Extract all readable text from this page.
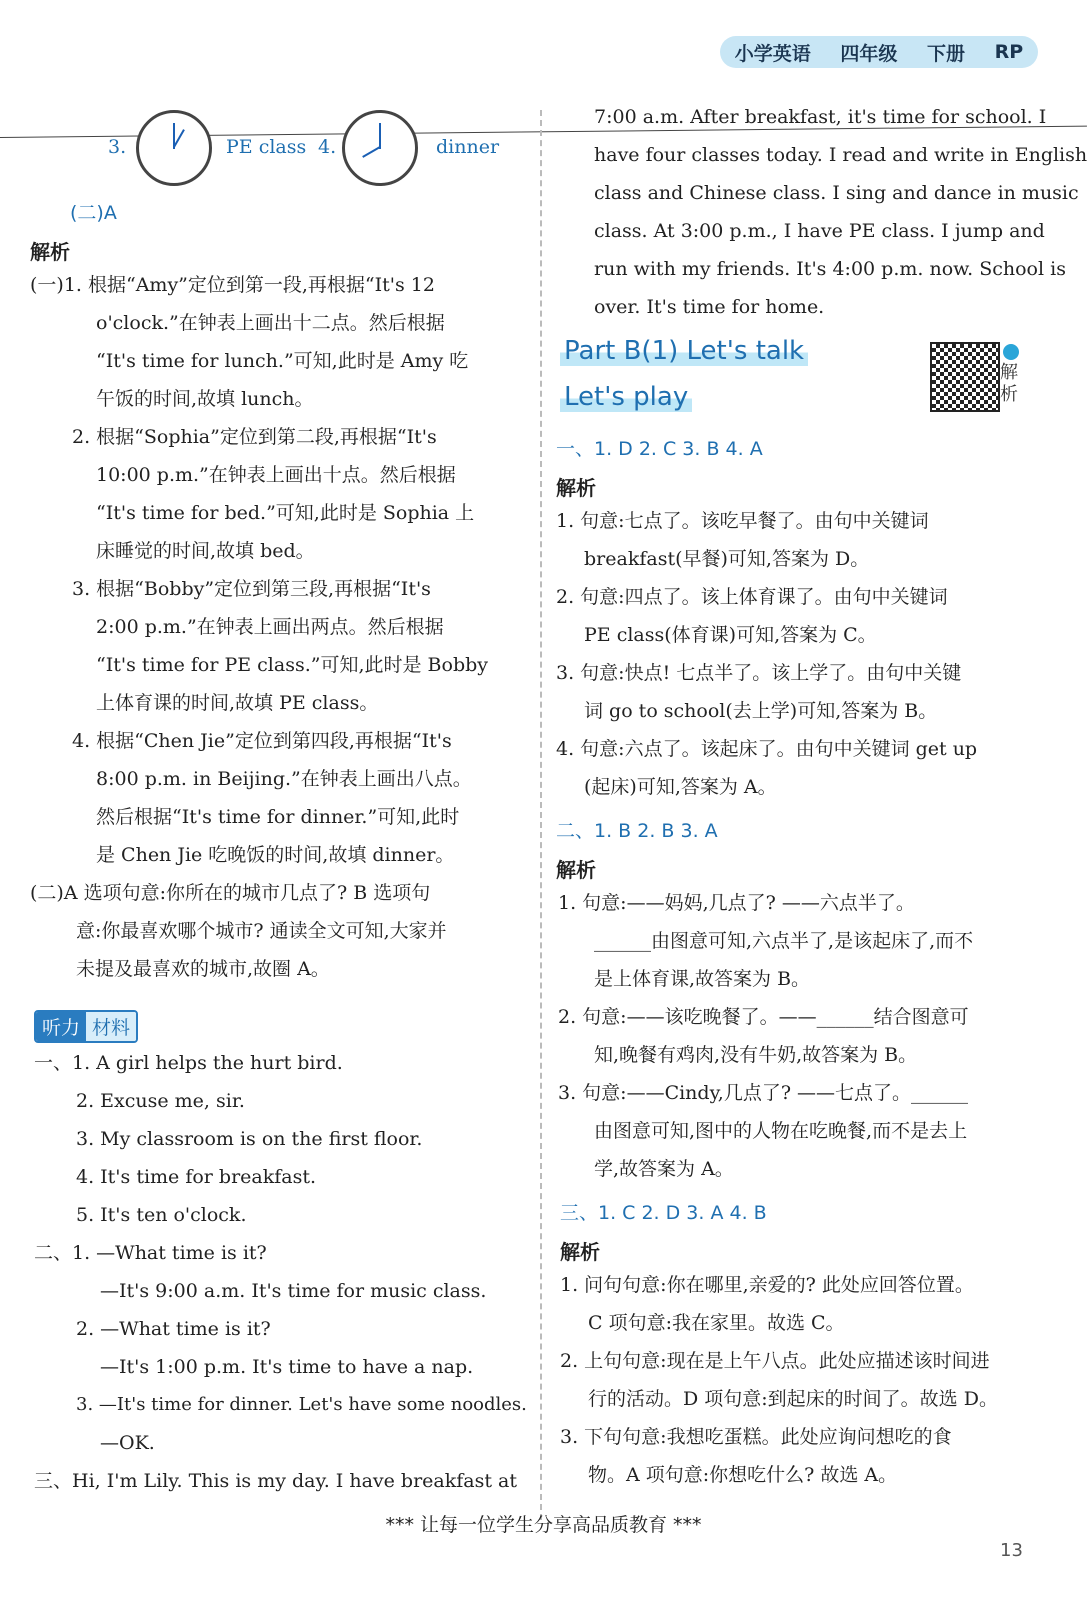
小学英语	四年级	下册	RP
3.	PE class 4.	dinner
(二)A
解析
(一)1. 根据“Amy”定位到第一段,再根据“It's 12
o'clock.”在钟表上画出十二点。然后根据
“It's time for lunch.”可知,此时是 Amy 吃
午饭的时间,故填 lunch。
2. 根据“Sophia”定位到第二段,再根据“It's
10:00 p.m.”在钟表上画出十点。然后根据
“It's time for bed.”可知,此时是 Sophia 上
床睡觉的时间,故填 bed。
3. 根据“Bobby”定位到第三段,再根据“It's
2:00 p.m.”在钟表上画出两点。然后根据
“It's time for PE class.”可知,此时是 Bobby
上体育课的时间,故填 PE class。
4. 根据“Chen Jie”定位到第四段,再根据“It's
8:00 p.m. in Beijing.”在钟表上画出八点。
然后根据“It's time for dinner.”可知,此时
是 Chen Jie 吃晚饭的时间,故填 dinner。
(二)A 选项句意:你所在的城市几点了? B 选项句
意:你最喜欢哪个城市? 通读全文可知,大家并
未提及最喜欢的城市,故圈 A。
听力 材料
一、1. A girl helps the hurt bird.
2. Excuse me, sir.
3. My classroom is on the first floor.
4. It's time for breakfast.
5. It's ten o'clock.
二、1. —What time is it?
—It's 9:00 a.m. It's time for music class.
2. —What time is it?
—It's 1:00 p.m. It's time to have a nap.
3. —It's time for dinner. Let's have some noodles.
—OK.
三、Hi, I'm Lily. This is my day. I have breakfast at
7:00 a.m. After breakfast, it's time for school. I
have four classes today. I read and write in English
class and Chinese class. I sing and dance in music
class. At 3:00 p.m., I have PE class. I jump and
run with my friends. It's 4:00 p.m. now. School is
over. It's time for home.
Part B(1) Let's talk
Let's play
解析
一、1. D 2. C 3. B 4. A
解析
1. 句意:七点了。该吃早餐了。由句中关键词
breakfast(早餐)可知,答案为 D。
2. 句意:四点了。该上体育课了。由句中关键词
PE class(体育课)可知,答案为 C。
3. 句意:快点! 七点半了。该上学了。由句中关键
词 go to school(去上学)可知,答案为 B。
4. 句意:六点了。该起床了。由句中关键词 get up
(起床)可知,答案为 A。
二、1. B 2. B 3. A
解析
1. 句意:——妈妈,几点了? ——六点半了。
______由图意可知,六点半了,是该起床了,而不
是上体育课,故答案为 B。
2. 句意:——该吃晚餐了。——______结合图意可
知,晚餐有鸡肉,没有牛奶,故答案为 B。
3. 句意:——Cindy,几点了? ——七点了。______
由图意可知,图中的人物在吃晚餐,而不是去上
学,故答案为 A。
三、1. C 2. D 3. A 4. B
解析
1. 问句句意:你在哪里,亲爱的? 此处应回答位置。
C 项句意:我在家里。故选 C。
2. 上句句意:现在是上午八点。此处应描述该时间进
行的活动。D 项句意:到起床的时间了。故选 D。
3. 下句句意:我想吃蛋糕。此处应询问想吃的食
物。A 项句意:你想吃什么? 故选 A。
*** 让每一位学生分享高品质教育 ***
13
